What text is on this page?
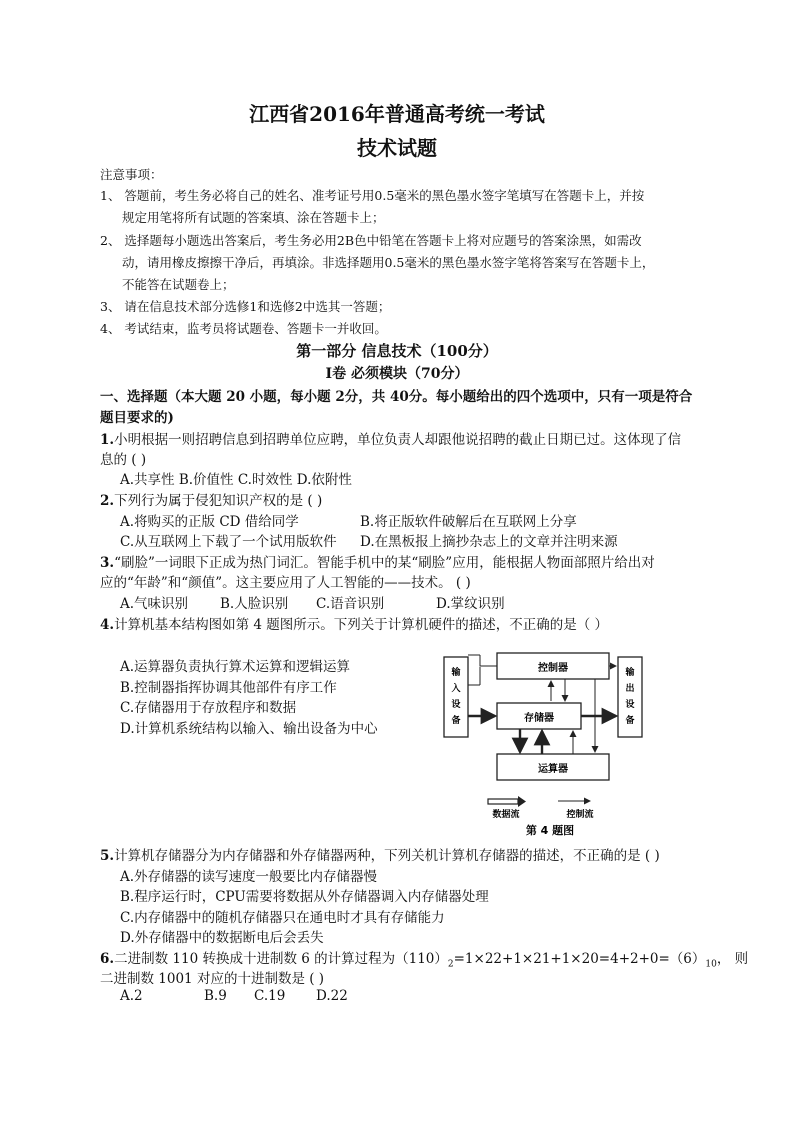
江西省2016年普通高考统一考试
技术试题
注意事项：
1、 答题前，考生务必将自己的姓名、准考证号用0.5毫米的黑色墨水签字笔填写在答题卡上，并按
规定用笔将所有试题的答案填、涂在答题卡上；
2、 选择题每小题选出答案后，考生务必用2B色中铅笔在答题卡上将对应题号的答案涂黑，如需改
动，请用橡皮擦擦干净后，再填涂。非选择题用0.5毫米的黑色墨水签字笔将答案写在答题卡上，
不能答在试题卷上；
3、 请在信息技术部分选修1和选修2中选其一答题；
4、 考试结束，监考员将试题卷、答题卡一并收回。
第一部分 信息技术（100分）
Ⅰ卷 必须模块（70分）
一、选择题（本大题 20 小题，每小题 2分，共 40分。每小题给出的四个选项中，只有一项是符合
题目要求的)
1.小明根据一则招聘信息到招聘单位应聘，单位负责人却跟他说招聘的截止日期已过。这体现了信
息的 ( )
A.共享性 B.价值性 C.时效性 D.依附性
2.下列行为属于侵犯知识产权的是 ( )
A.将购买的正版 CD 借给同学	B.将正版软件破解后在互联网上分享
C.从互联网上下载了一个试用版软件 D.在黑板报上摘抄杂志上的文章并注明来源
3.“刷脸”一词眼下正成为热门词汇。智能手机中的某“刷脸”应用，能根据人物面部照片给出对
应的“年龄”和“颜值”。这主要应用了人工智能的——技术。 ( )
A.气味识别 B.人脸识别 C.语音识别	D.掌纹识别
4.计算机基本结构图如第 4 题图所示。下列关于计算机硬件的描述，不正确的是（ ）
A.运算器负责执行算术运算和逻辑运算
B.控制器指挥协调其他部件有序工作
C.存储器用于存放程序和数据
D.计算机系统结构以输入、输出设备为中心
控制器
存储器
运算器
输
入
设
备
输
出
设
备
数据流	控制流
第 4 题图
5.计算机存储器分为内存储器和外存储器两种，下列关机计算机存储器的描述，不正确的是 ( )
A.外存储器的读写速度一般要比内存储器慢
B.程序运行时，CPU需要将数据从外存储器调入内存储器处理
C.内存储器中的随机存储器只在通电时才具有存储能力
D.外存储器中的数据断电后会丢失
6.二进制数 110 转换成十进制数 6 的计算过程为$(110)_2=1\times 22+1\times 21+1\times 20=4+2+0=(6)_{10}$， 则
二进制数 1001 对应的十进制数是 ( )
A.2	B.9 C.19 D.22
